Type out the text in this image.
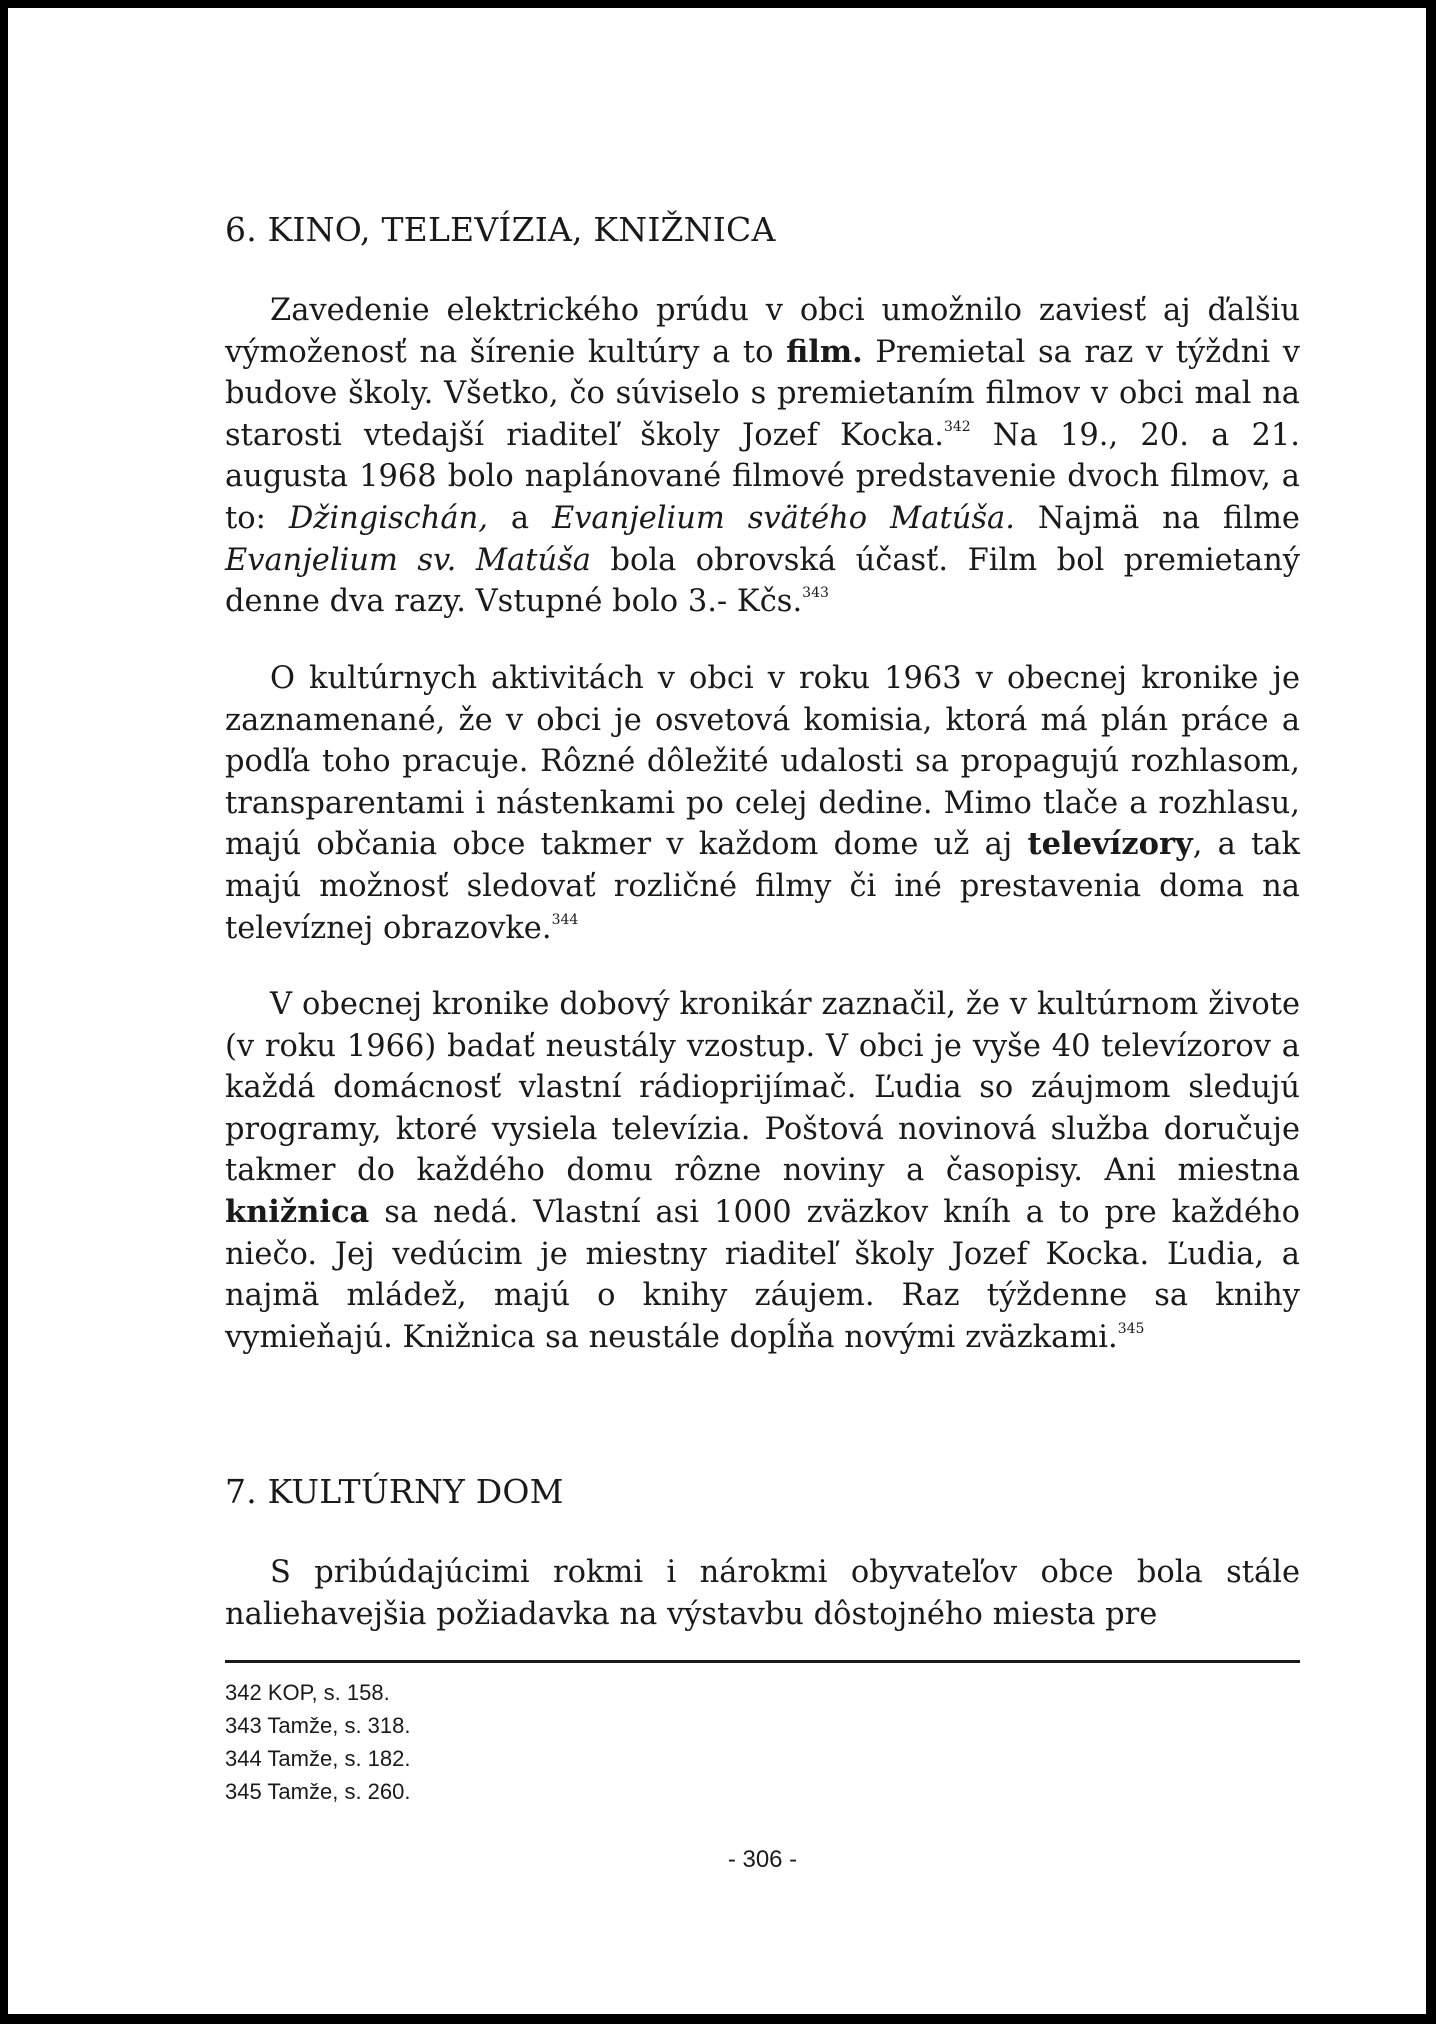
6. KINO, TELEVÍZIA, KNIŽNICA

Zavedenie elektrického prúdu v obci umožnilo zaviesť aj ďalšiu výmoženosť na šírenie kultúry a to film. Premietal sa raz v týždni v budove školy. Všetko, čo súviselo s premietaním filmov v obci mal na starosti vtedajší riaditeľ školy Jozef Kocka.$^{342}$ Na 19., 20. a 21. augusta 1968 bolo naplánované filmové predstavenie dvoch filmov, a to: Džingischán, a Evanjelium svätého Matúša. Najmä na filme Evanjelium sv. Matúša bola obrovská účasť. Film bol premietaný denne dva razy. Vstupné bolo 3.- Kčs.$^{343}$

O kultúrnych aktivitách v obci v roku 1963 v obecnej kronike je zaznamenané, že v obci je osvetová komisia, ktorá má plán práce a podľa toho pracuje. Rôzné dôležité udalosti sa propagujú rozhlasom, transparentami i nástenkami po celej dedine. Mimo tlače a rozhlasu, majú občania obce takmer v každom dome už aj televízory, a tak majú možnosť sledovať rozličné filmy či iné prestavenia doma na televíznej obrazovke.$^{344}$

V obecnej kronike dobový kronikár zaznačil, že v kultúrnom živote (v roku 1966) badať neustály vzostup. V obci je vyše 40 televízorov a každá domácnosť vlastní rádioprijímač. Ľudia so záujmom sledujú programy, ktoré vysiela televízia. Poštová novinová služba doručuje takmer do každého domu rôzne noviny a časopisy. Ani miestna knižnica sa nedá. Vlastní asi 1000 zväzkov kníh a to pre každého niečo. Jej vedúcim je miestny riaditeľ školy Jozef Kocka. Ľudia, a najmä mládež, majú o knihy záujem. Raz týždenne sa knihy vymieňajú. Knižnica sa neustále dopĺňa novými zväzkami.$^{345}$

7. KULTÚRNY DOM

S pribúdajúcimi rokmi i nárokmi obyvateľov obce bola stále naliehavejšia požiadavka na výstavbu dôstojného miesta pre

342 KOP, s. 158.
343 Tamže, s. 318.
344 Tamže, s. 182.
345 Tamže, s. 260.
- 306 -
